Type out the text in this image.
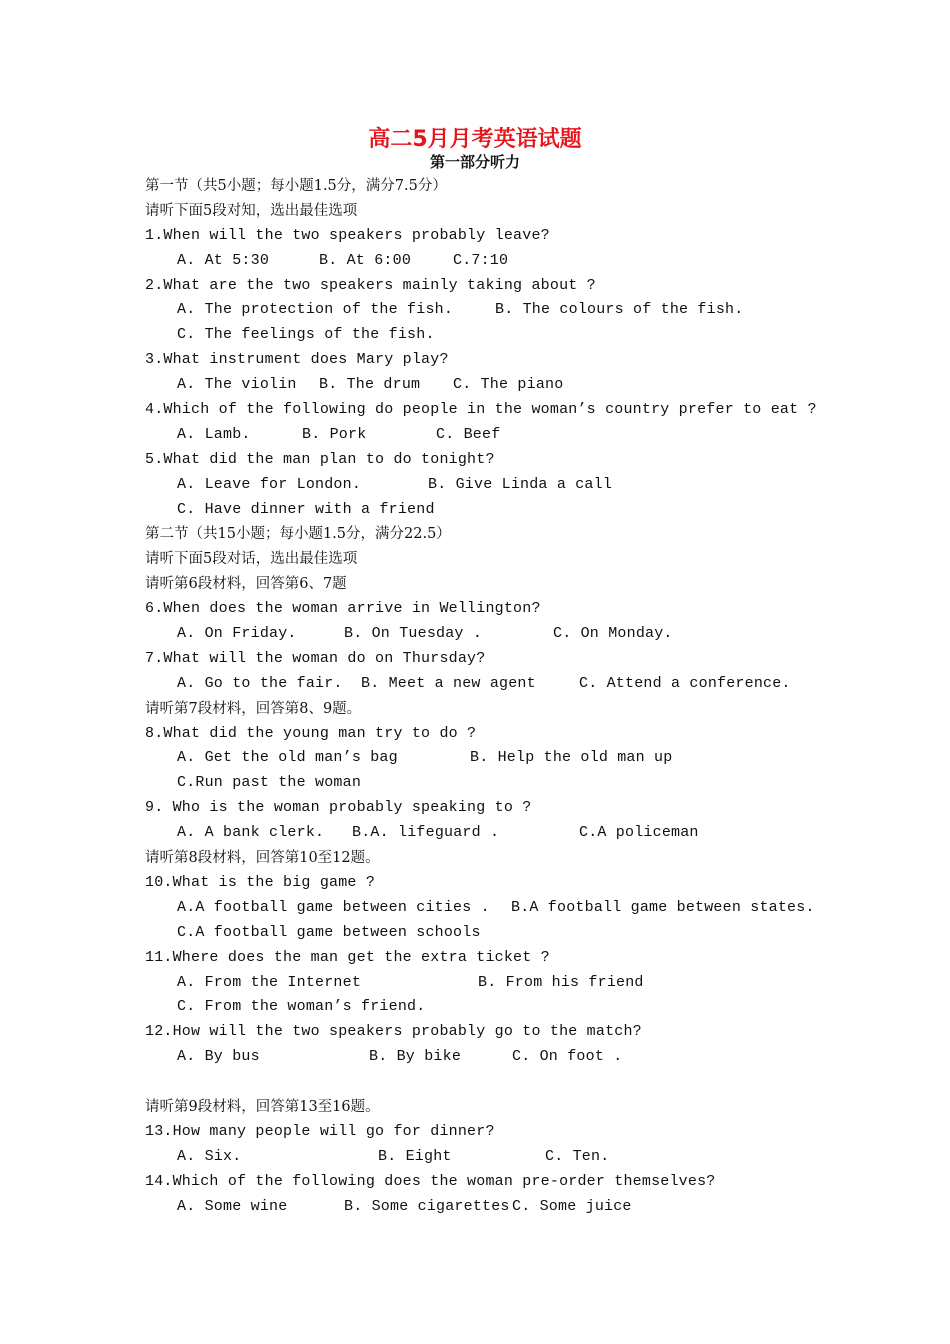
高二5月月考英语试题
第一部分听力
第一节（共5小题；每小题1.5分，满分7.5分）
请听下面5段对知，选出最佳选项
1.When will the two speakers probably leave?

A. At 5:30

	B. At 6:00

	C.7:10

2.What are the two speakers mainly taking about ?

A. The protection of the fish.

	B. The colours of the fish.

C. The feelings of the fish.

3.What instrument does Mary play?

A. The violin

B. The drum

C. The piano

4.Which of the following do people in the woman’s country prefer to eat ?

A. Lamb.

	B. Pork

	C. Beef

5.What did the man plan to do tonight?

A. Leave for London.

	B. Give Linda a call

C. Have dinner with a friend

第二节（共15小题；每小题1.5分，满分22.5）
请听下面5段对话，选出最佳选项
请听第6段材料，回答第6、7题
6.When does the woman arrive in Wellington?

A. On Friday.

	B. On Tuesday .

	C. On Monday.

7.What will the woman do on Thursday?

A. Go to the fair.

B. Meet a new agent

	C. Attend a conference.

请听第7段材料，回答第8、9题。
8.What did the young man try to do ?

A. Get the old man’s bag

	B. Help the old man up

C.Run past the woman

9. Who is the woman probably speaking to ?

A. A bank clerk.

B.A. lifeguard .

	C.A policeman

请听第8段材料，回答第10至12题。
10.What is the big game ?

A.A football game between cities .

B.A football game between states.

C.A football game between schools

11.Where does the man get the extra ticket ?

A. From the Internet

	B. From his friend

C. From the woman’s friend.

12.How will the two speakers probably go to the match?

A. By bus

	B. By bike

	C. On foot .

请听第9段材料，回答第13至16题。
13.How many people will go for dinner?

A. Six.

	B. Eight

	C. Ten.

14.Which of the following does the woman pre-order themselves?

A. Some wine

	B. Some cigarettes

C. Some juice
